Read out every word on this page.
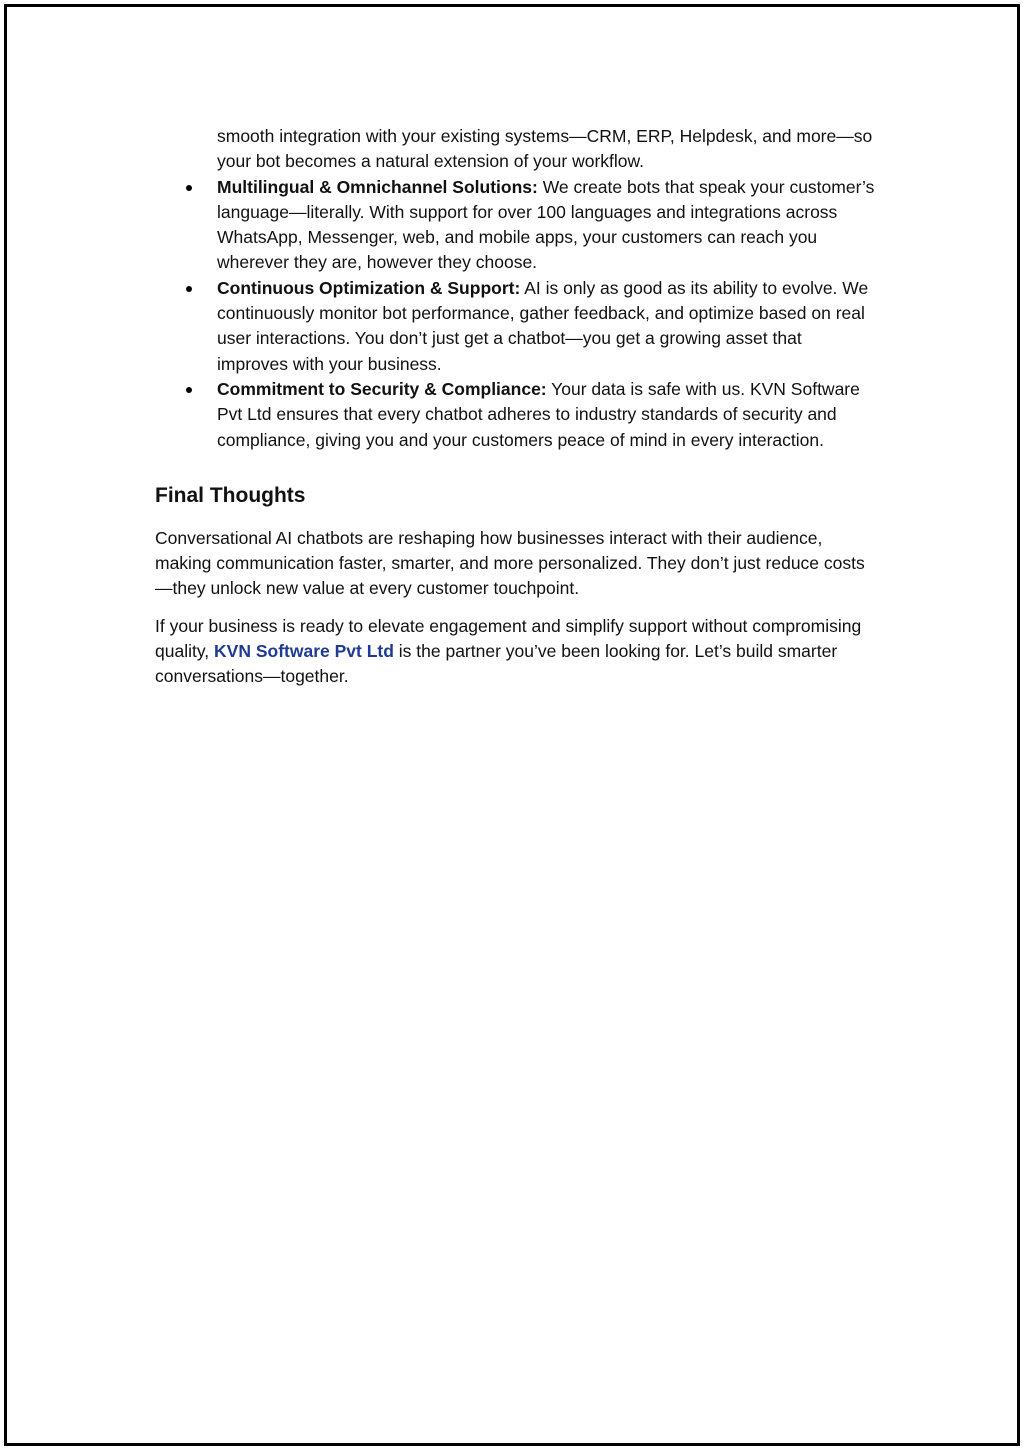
smooth integration with your existing systems—CRM, ERP, Helpdesk, and more—so your bot becomes a natural extension of your workflow.

Multilingual & Omnichannel Solutions: We create bots that speak your customer’s language—literally. With support for over 100 languages and integrations across WhatsApp, Messenger, web, and mobile apps, your customers can reach you wherever they are, however they choose.
Continuous Optimization & Support: AI is only as good as its ability to evolve. We continuously monitor bot performance, gather feedback, and optimize based on real user interactions. You don’t just get a chatbot—you get a growing asset that improves with your business.
Commitment to Security & Compliance: Your data is safe with us. KVN Software Pvt Ltd ensures that every chatbot adheres to industry standards of security and compliance, giving you and your customers peace of mind in every interaction.
Final Thoughts

Conversational AI chatbots are reshaping how businesses interact with their audience, making communication faster, smarter, and more personalized. They don’t just reduce costs—they unlock new value at every customer touchpoint.

If your business is ready to elevate engagement and simplify support without compromising quality, KVN Software Pvt Ltd is the partner you’ve been looking for. Let’s build smarter conversations—together.
